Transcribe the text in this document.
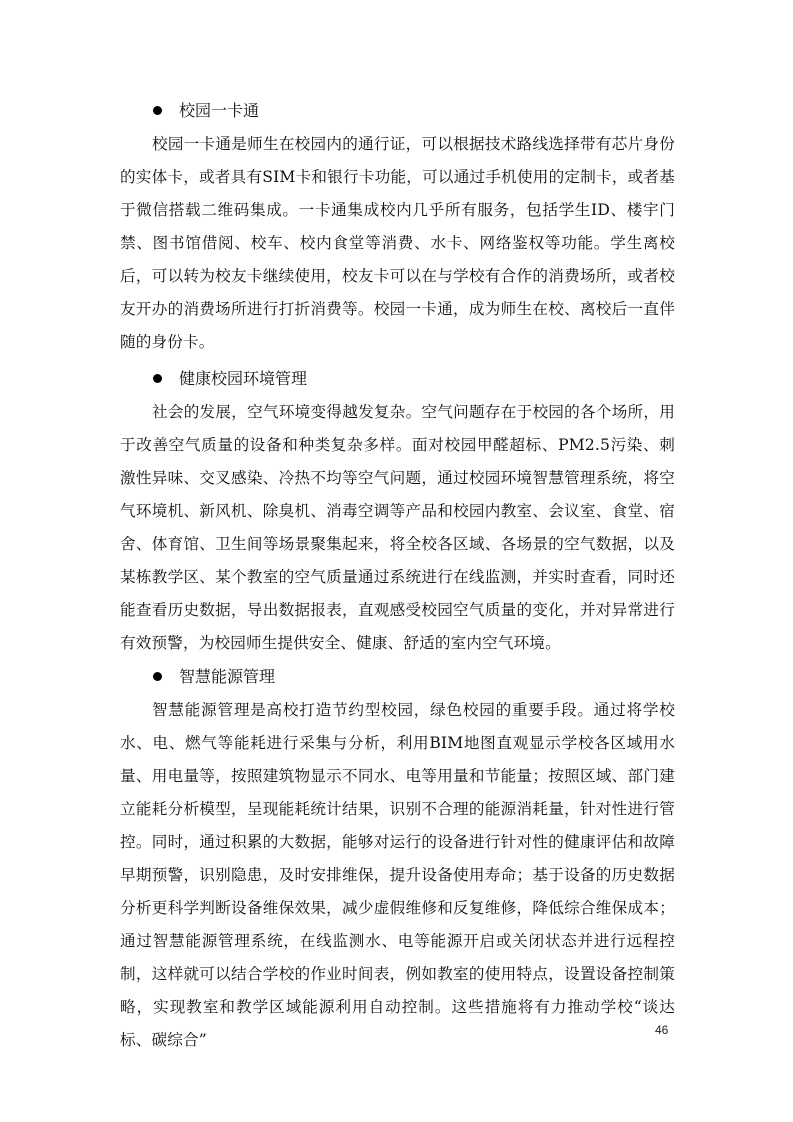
校园一卡通

校园一卡通是师生在校园内的通行证，可以根据技术路线选择带有芯片身份的实体卡，或者具有SIM卡和银行卡功能，可以通过手机使用的定制卡，或者基于微信搭载二维码集成。一卡通集成校内几乎所有服务，包括学生ID、楼宇门禁、图书馆借阅、校车、校内食堂等消费、水卡、网络鉴权等功能。学生离校后，可以转为校友卡继续使用，校友卡可以在与学校有合作的消费场所，或者校友开办的消费场所进行打折消费等。校园一卡通，成为师生在校、离校后一直伴随的身份卡。

健康校园环境管理

社会的发展，空气环境变得越发复杂。空气问题存在于校园的各个场所，用于改善空气质量的设备和种类复杂多样。面对校园甲醛超标、PM2.5污染、刺激性异味、交叉感染、冷热不均等空气问题，通过校园环境智慧管理系统，将空气环境机、新风机、除臭机、消毒空调等产品和校园内教室、会议室、食堂、宿舍、体育馆、卫生间等场景聚集起来，将全校各区域、各场景的空气数据，以及某栋教学区、某个教室的空气质量通过系统进行在线监测，并实时查看，同时还能查看历史数据，导出数据报表，直观感受校园空气质量的变化，并对异常进行有效预警，为校园师生提供安全、健康、舒适的室内空气环境。

智慧能源管理

智慧能源管理是高校打造节约型校园，绿色校园的重要手段。通过将学校水、电、燃气等能耗进行采集与分析，利用BIM地图直观显示学校各区域用水量、用电量等，按照建筑物显示不同水、电等用量和节能量；按照区域、部门建立能耗分析模型，呈现能耗统计结果，识别不合理的能源消耗量，针对性进行管控。同时，通过积累的大数据，能够对运行的设备进行针对性的健康评估和故障早期预警，识别隐患，及时安排维保，提升设备使用寿命；基于设备的历史数据分析更科学判断设备维保效果，减少虚假维修和反复维修，降低综合维保成本；通过智慧能源管理系统，在线监测水、电等能源开启或关闭状态并进行远程控制，这样就可以结合学校的作业时间表，例如教室的使用特点，设置设备控制策略，实现教室和教学区域能源利用自动控制。这些措施将有力推动学校“谈达标、碳综合”

46
